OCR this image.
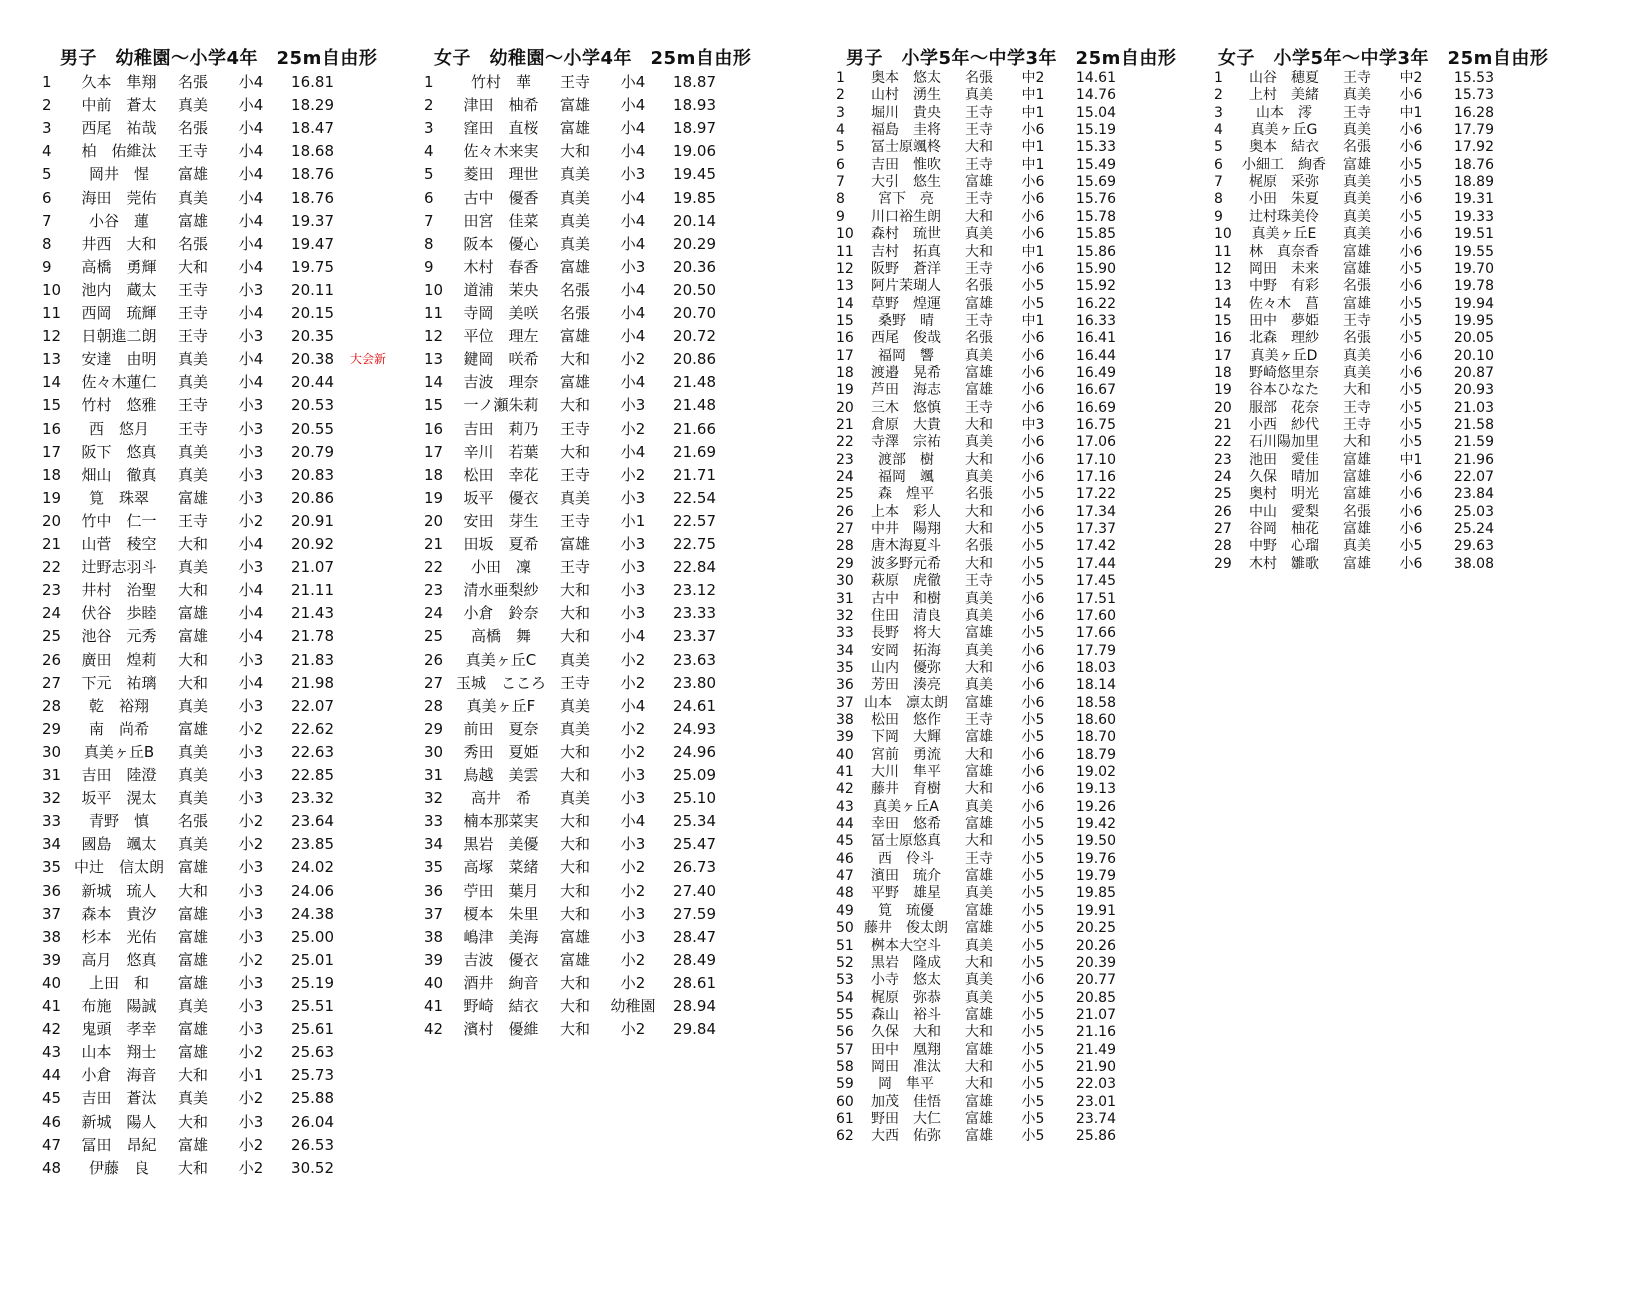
男子　幼稚園～小学4年　25m自由形
1	久本　隼翔	名張	小4	16.81
2	中前　蒼太	真美	小4	18.29
3	西尾　祐哉	名張	小4	18.47
4	柏　佑維汰	王寺	小4	18.68
5	岡井　惺	富雄	小4	18.76
6	海田　莞佑	真美	小4	18.76
7	小谷　蓮	富雄	小4	19.37
8	井西　大和	名張	小4	19.47
9	高橋　勇輝	大和	小4	19.75
10	池内　蔵太	王寺	小3	20.11
11	西岡　琉輝	王寺	小4	20.15
12	日朝進二朗	王寺	小3	20.35
13	安達　由明	真美	小4	20.38
14	佐々木蓮仁	真美	小4	20.44
15	竹村　悠雅	王寺	小3	20.53
16	西　悠月	王寺	小3	20.55
17	阪下　悠真	真美	小3	20.79
18	畑山　徹真	真美	小3	20.83
19	筧　珠翠	富雄	小3	20.86
20	竹中　仁一	王寺	小2	20.91
21	山菅　稜空	大和	小4	20.92
22	辻野志羽斗	真美	小3	21.07
23	井村　治聖	大和	小4	21.11
24	伏谷　歩睦	富雄	小4	21.43
25	池谷　元秀	富雄	小4	21.78
26	廣田　煌莉	大和	小3	21.83
27	下元　祐璃	大和	小4	21.98
28	乾　裕翔	真美	小3	22.07
29	南　尚希	富雄	小2	22.62
30	真美ヶ丘B	真美	小3	22.63
31	吉田　陸澄	真美	小3	22.85
32	坂平　滉太	真美	小3	23.32
33	青野　慎	名張	小2	23.64
34	國島　颯太	真美	小2	23.85
35 中辻　信太朗 富雄	小3	24.02
36	新城　琉人	大和	小3	24.06
37	森本　貴汐	富雄	小3	24.38
38	杉本　光佑	富雄	小3	25.00
39	高月　悠真	富雄	小2	25.01
40	上田　和	富雄	小3	25.19
41	布施　陽誠	真美	小3	25.51
42	鬼頭　孝幸	富雄	小3	25.61
43	山本　翔士	富雄	小2	25.63
44	小倉　海音	大和	小1	25.73
45	吉田　蒼汰	真美	小2	25.88
46	新城　陽人	大和	小3	26.04
47	冨田　昂紀	富雄	小2	26.53
48	伊藤　良	大和	小2	30.52
大会新
女子　幼稚園～小学4年　25m自由形
1	竹村　華	王寺	小4	18.87
2	津田　柚希	富雄	小4	18.93
3	窪田　直桜	富雄	小4	18.97
4	佐々木来実	大和	小4	19.06
5	菱田　理世	真美	小3	19.45
6	古中　優香	真美	小4	19.85
7	田宮　佳菜	真美	小4	20.14
8	阪本　優心	真美	小4	20.29
9	木村　春香	富雄	小3	20.36
10	道浦　茉央	名張	小4	20.50
11	寺岡　美咲	名張	小4	20.70
12	平位　理左	富雄	小4	20.72
13	鍵岡　咲希	大和	小2	20.86
14	吉波　理奈	富雄	小4	21.48
15	一ノ瀬朱莉	大和	小3	21.48
16	吉田　莉乃	王寺	小2	21.66
17	辛川　若葉	大和	小4	21.69
18	松田　幸花	王寺	小2	21.71
19	坂平　優衣	真美	小3	22.54
20	安田　芽生	王寺	小1	22.57
21	田坂　夏希	富雄	小3	22.75
22	小田　凜	王寺	小3	22.84
23	清水亜梨紗	大和	小3	23.12
24	小倉　鈴奈	大和	小3	23.33
25	高橋　舞	大和	小4	23.37
26	真美ヶ丘C	真美	小2	23.63
27 玉城　こころ 王寺	小2	23.80
28	真美ヶ丘F	真美	小4	24.61
29	前田　夏奈	真美	小2	24.93
30	秀田　夏姫	大和	小2	24.96
31	鳥越　美雲	大和	小3	25.09
32	高井　希	真美	小3	25.10
33	楠本那菜実	大和	小4	25.34
34	黒岩　美優	大和	小3	25.47
35	高塚　菜緒	大和	小2	26.73
36	苧田　葉月	大和	小2	27.40
37	榎本　朱里	大和	小3	27.59
38	嶋津　美海	富雄	小3	28.47
39	吉波　優衣	富雄	小2	28.49
40	酒井　絢音	大和	小2	28.61
41	野崎　結衣	大和	幼稚園	28.94
42	濱村　優維	大和	小2	29.84
男子　小学5年～中学3年　25m自由形
1	奥本　悠太	名張	中2	14.61
2	山村　湧生	真美	中1	14.76
3	堀川　貴央	王寺	中1	15.04
4	福島　圭将	王寺	小6	15.19
5	冨士原颯柊	大和	中1	15.33
6	吉田　惟吹	王寺	中1	15.49
7	大引　悠生	富雄	小6	15.69
8	宮下　亮	王寺	小6	15.76
9	川口裕生朗	大和	小6	15.78
10	森村　琉世	真美	小6	15.85
11	吉村　拓真	大和	中1	15.86
12	阪野　蒼洋	王寺	小6	15.90
13	阿片茉瑚人	名張	小5	15.92
14	草野　煌運	富雄	小5	16.22
15	桑野　晴	王寺	中1	16.33
16	西尾　俊哉	名張	小6	16.41
17	福岡　響	真美	小6	16.44
18	渡邉　晃希	富雄	小6	16.49
19	芦田　海志	富雄	小6	16.67
20	三木　悠慎	王寺	小6	16.69
21	倉原　大貴	大和	中3	16.75
22	寺澤　宗祐	真美	小6	17.06
23	渡部　樹	大和	小6	17.10
24	福岡　颯	真美	小6	17.16
25	森　煌平	名張	小5	17.22
26	上本　彩人	大和	小6	17.34
27	中井　陽翔	大和	小5	17.37
28	唐木海夏斗	名張	小5	17.42
29	波多野元希	大和	小5	17.44
30	萩原　虎徹	王寺	小5	17.45
31	古中　和樹	真美	小6	17.51
32	住田　清良	真美	小6	17.60
33	長野　将大	富雄	小5	17.66
34	安岡　拓海	真美	小6	17.79
35	山内　優弥	大和	小6	18.03
36	芳田　湊亮	真美	小6	18.14
37 山本　凛太朗	富雄	小6	18.58
38	松田　悠作	王寺	小5	18.60
39	下岡　大輝	富雄	小5	18.70
40	宮前　勇流	大和	小6	18.79
41	大川　隼平	富雄	小6	19.02
42	藤井　育樹	大和	小6	19.13
43	真美ヶ丘A	真美	小6	19.26
44	幸田　悠希	富雄	小5	19.42
45	冨士原悠真	大和	小5	19.50
46	西　伶斗	王寺	小5	19.76
47	濱田　琉介	富雄	小5	19.79
48	平野　雄星	真美	小5	19.85
49	筧　琉優	富雄	小5	19.91
50 藤井　俊太朗	富雄	小5	20.25
51	桝本大空斗	真美	小5	20.26
52	黒岩　隆成	大和	小5	20.39
53	小寺　悠太	真美	小6	20.77
54	梶原　弥恭	真美	小5	20.85
55	森山　裕斗	富雄	小5	21.07
56	久保　大和	大和	小5	21.16
57	田中　凰翔	富雄	小5	21.49
58	岡田　准汰	大和	小5	21.90
59	岡　隼平	大和	小5	22.03
60	加茂　佳悟	富雄	小5	23.01
61	野田　大仁	富雄	小5	23.74
62	大西　佑弥	富雄	小5	25.86
女子　小学5年～中学3年　25m自由形
1	山谷　穂夏	王寺	中2	15.53
2	上村　美緒	真美	小6	15.73
3	山本　澪	王寺	中1	16.28
4	真美ヶ丘G	真美	小6	17.79
5	奥本　結衣	名張	小6	17.92
6	小細工　絢香	富雄	小5	18.76
7	梶原　采弥	真美	小5	18.89
8	小田　朱夏	真美	小6	19.31
9	辻村珠美伶	真美	小5	19.33
10	真美ヶ丘E	真美	小6	19.51
11	林　真奈香	富雄	小6	19.55
12	岡田　未来	富雄	小5	19.70
13	中野　有彩	名張	小6	19.78
14	佐々木　菖	富雄	小5	19.94
15	田中　夢姫	王寺	小5	19.95
16	北森　理紗	名張	小5	20.05
17	真美ヶ丘D	真美	小6	20.10
18	野崎悠里奈	真美	小6	20.87
19	谷本ひなた	大和	小5	20.93
20	服部　花奈	王寺	小5	21.03
21	小西　紗代	王寺	小5	21.58
22	石川陽加里	大和	小5	21.59
23	池田　愛佳	富雄	中1	21.96
24	久保　晴加	富雄	小6	22.07
25	奥村　明光	富雄	小6	23.84
26	中山　愛梨	名張	小6	25.03
27	谷岡　柚花	富雄	小6	25.24
28	中野　心瑠	真美	小5	29.63
29	木村　雛歌	富雄	小6	38.08
